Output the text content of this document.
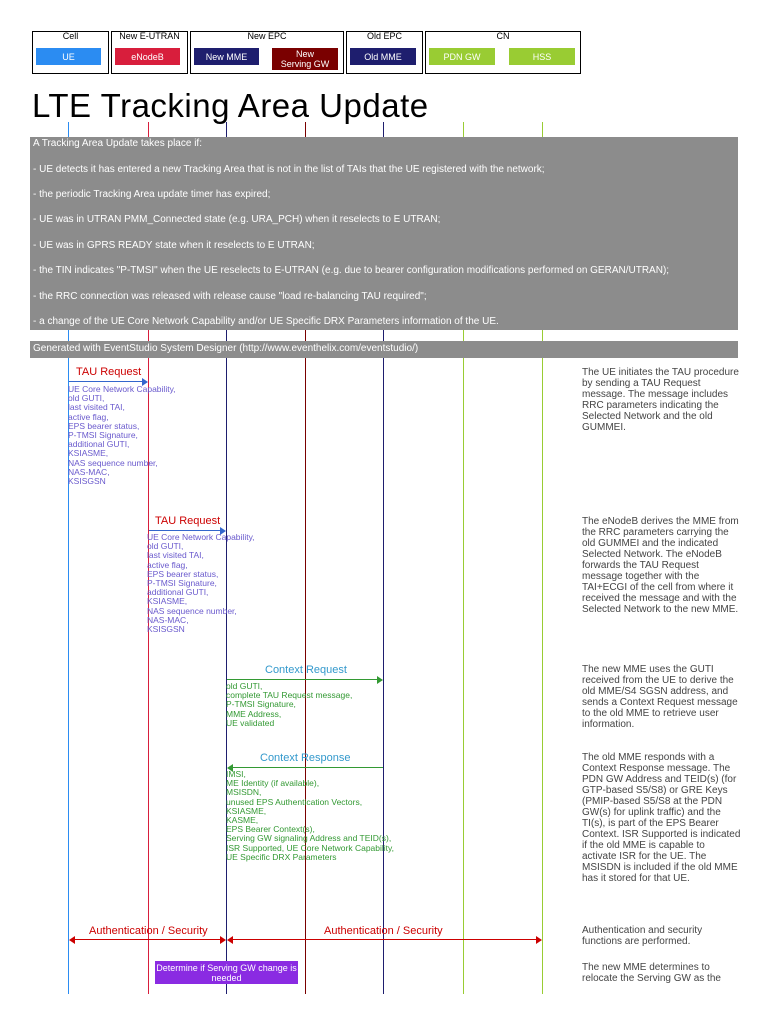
Cell	New E-UTRAN	New EPC	Old EPC	CN
UE	eNodeB	New MME	New Serving GW
Old MME	PDN GW	HSS
LTE Tracking Area Update
A Tracking Area Update takes place if:
- UE detects it has entered a new Tracking Area that is not in the list of TAIs that the UE registered with the network;
- the periodic Tracking Area update timer has expired;
- UE was in UTRAN PMM_Connected state (e.g. URA_PCH) when it reselects to E UTRAN;
- UE was in GPRS READY state when it reselects to E UTRAN;
- the TIN indicates "P-TMSI" when the UE reselects to E-UTRAN (e.g. due to bearer configuration modifications performed on GERAN/UTRAN);
- the RRC connection was released with release cause "load re-balancing TAU required";
- a change of the UE Core Network Capability and/or UE Specific DRX Parameters information of the UE.
Generated with EventStudio System Designer (http://www.eventhelix.com/eventstudio/)
TAU Request
UE Core Network Capability,
old GUTI,
last visited TAI,
active flag,
EPS bearer status,
P-TMSI Signature,
additional GUTI,
KSIASME,
NAS sequence number,
NAS-MAC,
KSISGSN
The UE initiates the TAU procedure by sending a TAU Request message. The message includes RRC parameters indicating the Selected Network and the old GUMMEI.
TAU Request
UE Core Network Capability,
old GUTI,
last visited TAI,
active flag,
EPS bearer status,
P-TMSI Signature,
additional GUTI,
KSIASME,
NAS sequence number,
NAS-MAC,
KSISGSN
The eNodeB derives the MME from the RRC parameters carrying the old GUMMEI and the indicated Selected Network. The eNodeB forwards the TAU Request message together with the TAI+ECGI of the cell from where it received the message and with the Selected Network to the new MME.
Context Request
old GUTI,
complete TAU Request message,
P-TMSI Signature,
MME Address,
UE validated
The new MME uses the GUTI received from the UE to derive the old MME/S4 SGSN address, and sends a Context Request message to the old MME to retrieve user information.
Context Response
IMSI,
ME Identity (if available),
MSISDN,
unused EPS Authentication Vectors,
KSIASME,
KASME,
EPS Bearer Context(s),
Serving GW signaling Address and TEID(s),
ISR Supported, UE Core Network Capability,
UE Specific DRX Parameters
The old MME responds with a Context Response message. The PDN GW Address and TEID(s) (for GTP-based S5/S8) or GRE Keys (PMIP-based S5/S8 at the PDN GW(s) for uplink traffic) and the TI(s), is part of the EPS Bearer Context. ISR Supported is indicated if the old MME is capable to activate ISR for the UE. The MSISDN is included if the old MME has it stored for that UE.
Authentication / Security	Authentication / Security	Authentication and security functions are performed.
Determine if Serving GW change is needed
The new MME determines to relocate the Serving GW as the
